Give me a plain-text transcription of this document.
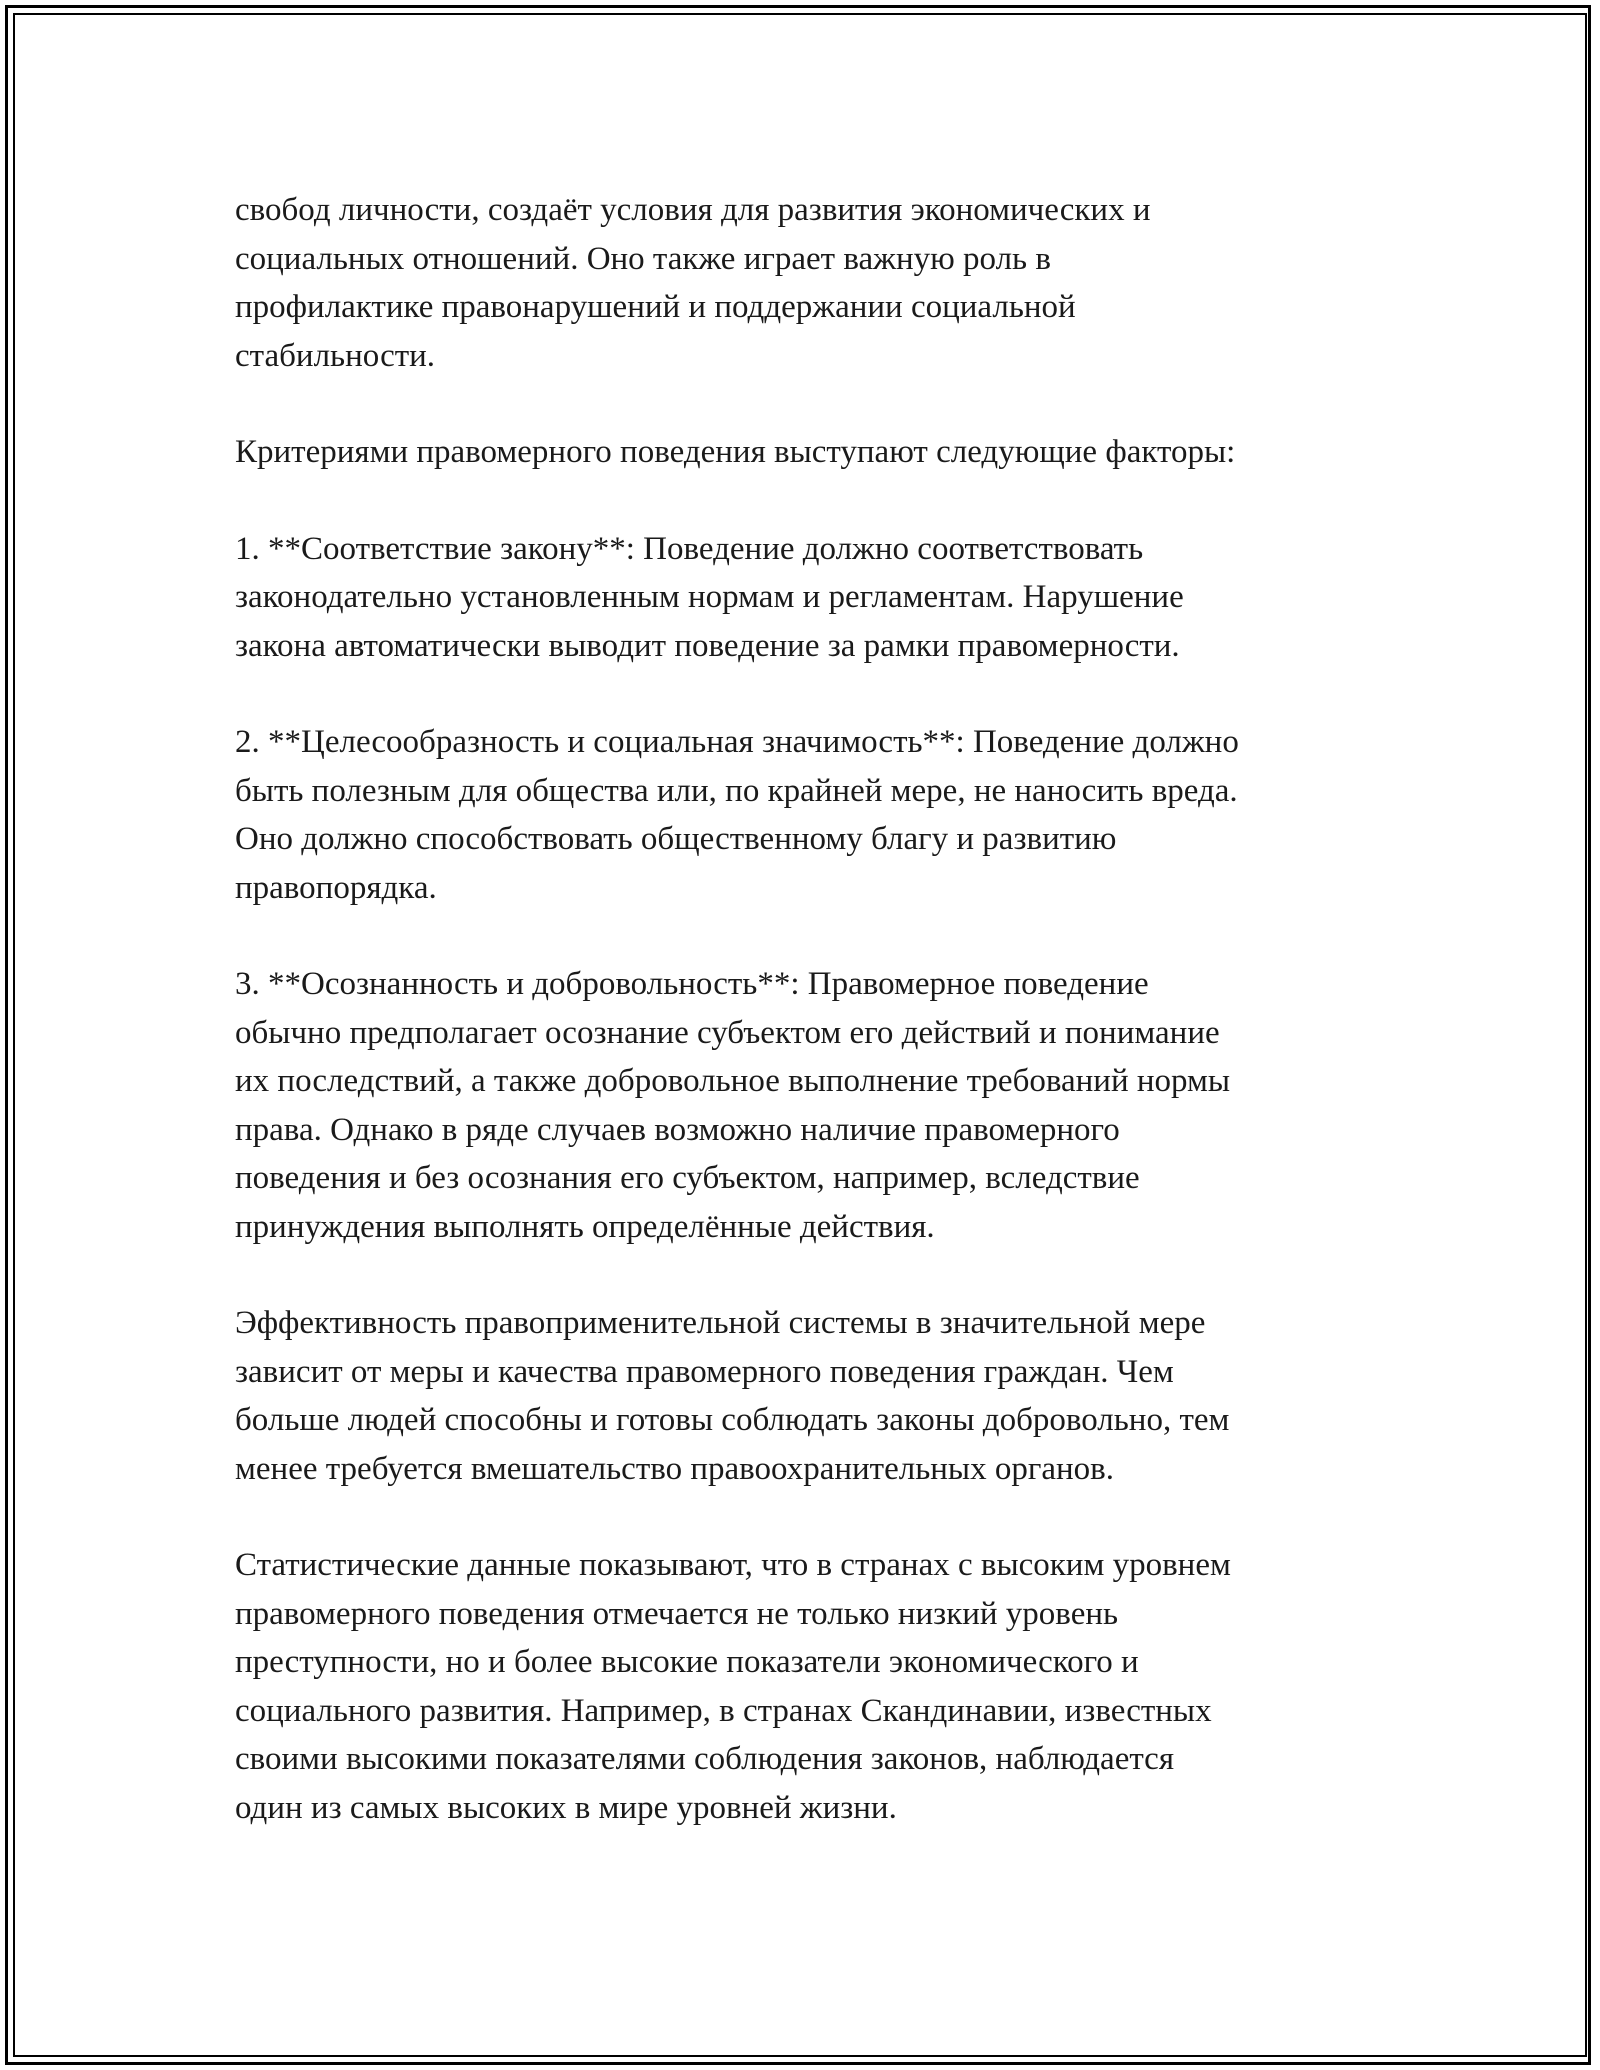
свобод личности, создаёт условия для развития экономических и
социальных отношений. Оно также играет важную роль в
профилактике правонарушений и поддержании социальной
стабильности.

Критериями правомерного поведения выступают следующие факторы:

1. **Соответствие закону**: Поведение должно соответствовать
законодательно установленным нормам и регламентам. Нарушение
закона автоматически выводит поведение за рамки правомерности.

2. **Целесообразность и социальная значимость**: Поведение должно
быть полезным для общества или, по крайней мере, не наносить вреда.
Оно должно способствовать общественному благу и развитию
правопорядка.

3. **Осознанность и добровольность**: Правомерное поведение
обычно предполагает осознание субъектом его действий и понимание
их последствий, а также добровольное выполнение требований нормы
права. Однако в ряде случаев возможно наличие правомерного
поведения и без осознания его субъектом, например, вследствие
принуждения выполнять определённые действия.

Эффективность правоприменительной системы в значительной мере
зависит от меры и качества правомерного поведения граждан. Чем
больше людей способны и готовы соблюдать законы добровольно, тем
менее требуется вмешательство правоохранительных органов.

Статистические данные показывают, что в странах с высоким уровнем
правомерного поведения отмечается не только низкий уровень
преступности, но и более высокие показатели экономического и
социального развития. Например, в странах Скандинавии, известных
своими высокими показателями соблюдения законов, наблюдается
один из самых высоких в мире уровней жизни.
